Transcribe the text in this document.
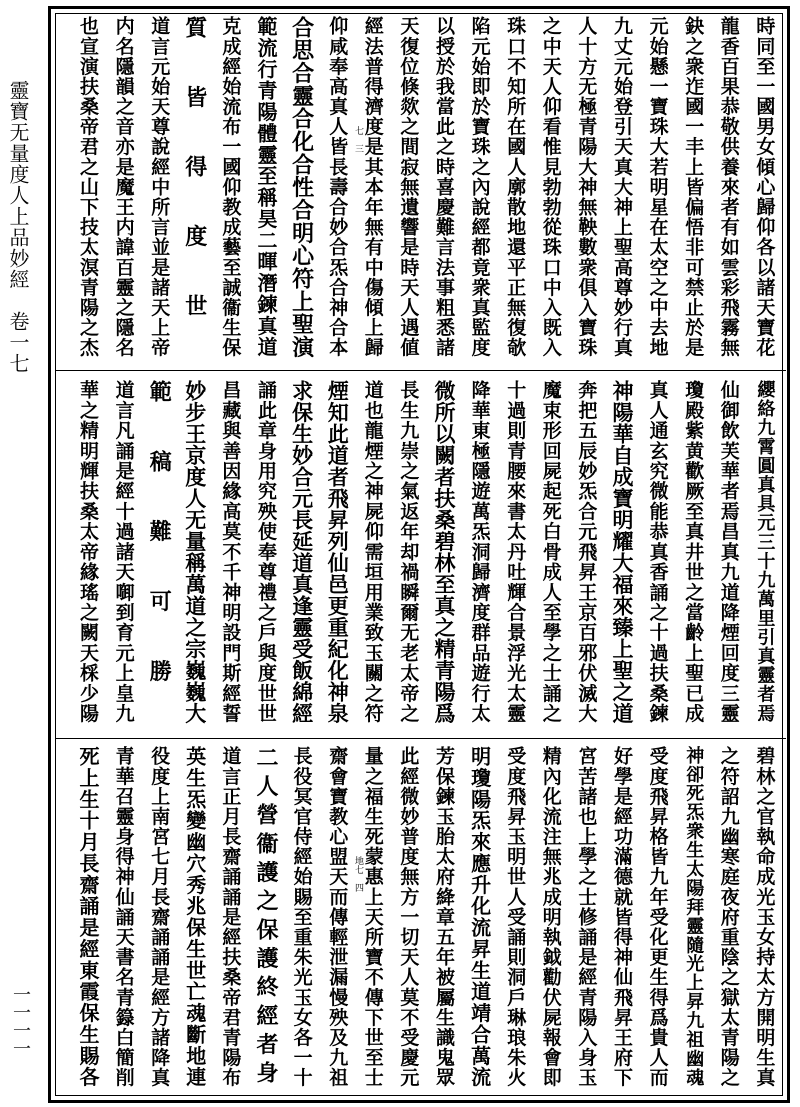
靈寶无量度人上品妙經　卷一七
一一一一
時同至一國男女傾心歸仰各以諸天寶花
龍香百果恭敬供養來者有如雲彩飛霧無
鈌之衆迮國一丰上皆偏悟非可禁止於是
元始懸一寶珠大若明星在太空之中去地
九丈元始登引天真大神上聖高尊妙行真
人十方无極青陽大神無鞅數衆俱入寶珠
之中天人仰看惟見勃勃從珠口中入既入
珠口不知所在國人廓散地還平正無復欹
陷元始即於寶珠之內說經都竟衆真監度
以授於我當此之時喜慶難言法事粗悉諸
天復位倏欻之間寂無遺響是時天人遇値
經法普得濟度是其本年無有中傷傾上歸
仰咸奉高真人皆長壽合妙合炁合神合本
合思合靈合化合性合明心符上聖演
範流行青陽體靈至稱昊二暉潛鍊真道
克成經始流布一國仰教成藝至誠衞生保
質皆得度世
道言元始天尊說經中所言並是諸天上帝
内名隱韻之音亦是魔王内諱百靈之隱名
也宣演扶桑帝君之山下技太溟青陽之杰	七　三
纓絡九霄圓真具元三十九萬里引真靈者焉
仙御飲芙華者焉昌真九道降煙回度三靈
瓊殿紫黄歡厥至真井世之當齡上聖已成
真人通玄究微能恭真香誦之十過扶桑鍊
神陽華自成寶明耀大福來臻上聖之道
奔把五辰妙炁合元飛昇王京百邪伏滅大
魔束形回屍起死白骨成人至學之士誦之
十過則青腰來書太丹吐輝合景浮光太靈
降華東極隱遊萬炁洞歸濟度群品遊行太
微所以闕者扶桑碧林至真之精青陽爲
長生九崇之氣返年却禍瞬爾无老太帝之
道也龍煙之神屍仰需垣用業致玉關之符
煙知此道者飛昇列仙邑更重紀化神泉
求保生妙合元長延道真逢靈受飯綿經
誦此章身用究殃使奉尊禮之戶與度世世
昌藏與善因緣高莫不千神明設門斯經誓
妙步王京度人无量稱萬道之宗巍巍大
範稿難可勝
道言凡誦是經十過諸天啣到育元上皇九
華之精明輝扶桑太帝緣瑤之闕天棌少陽
碧林之官執命成光玉女持太方開明生真
之符詔九幽寒庭夜府重陰之獄太青陽之
神卻死炁衆生太陽拜靈隨光上昇九祖幽魂
受度飛昇格皆九年受化更生得爲貴人而
好學是經功滿德就皆得神仙飛昇王府下
宮苦諸也上學之士修誦是經青陽入身玉
精內化流注無兆成明執鉞勸伏屍報會即
受度飛昇玉明世人受誦則洞戶琳琅朱火
明瓊陽炁來應升化流昇生道靖合萬流
芳保鍊玉胎太府絳章五年被屬生識鬼眾
此經微妙普度無方一切天人莫不受慶元
量之福生死蒙惠上天所寶不傳下世至士
齋會寶教心盟天而傳輕泄漏慢殃及九祖
長役冥官侍經始賜至重朱光玉女各一十
二人營衞護之保護終經者身
道言正月長齋誦誦是經扶桑帝君青陽布
英生炁變幽穴秀兆保生世亡魂斷地連
役度上南宮七月長齋誦誦是經方諸降真
青華召靈身得神仙誦天書名青籙白簡削
死上生十月長齋誦是經東霞保生賜各	地七　四
